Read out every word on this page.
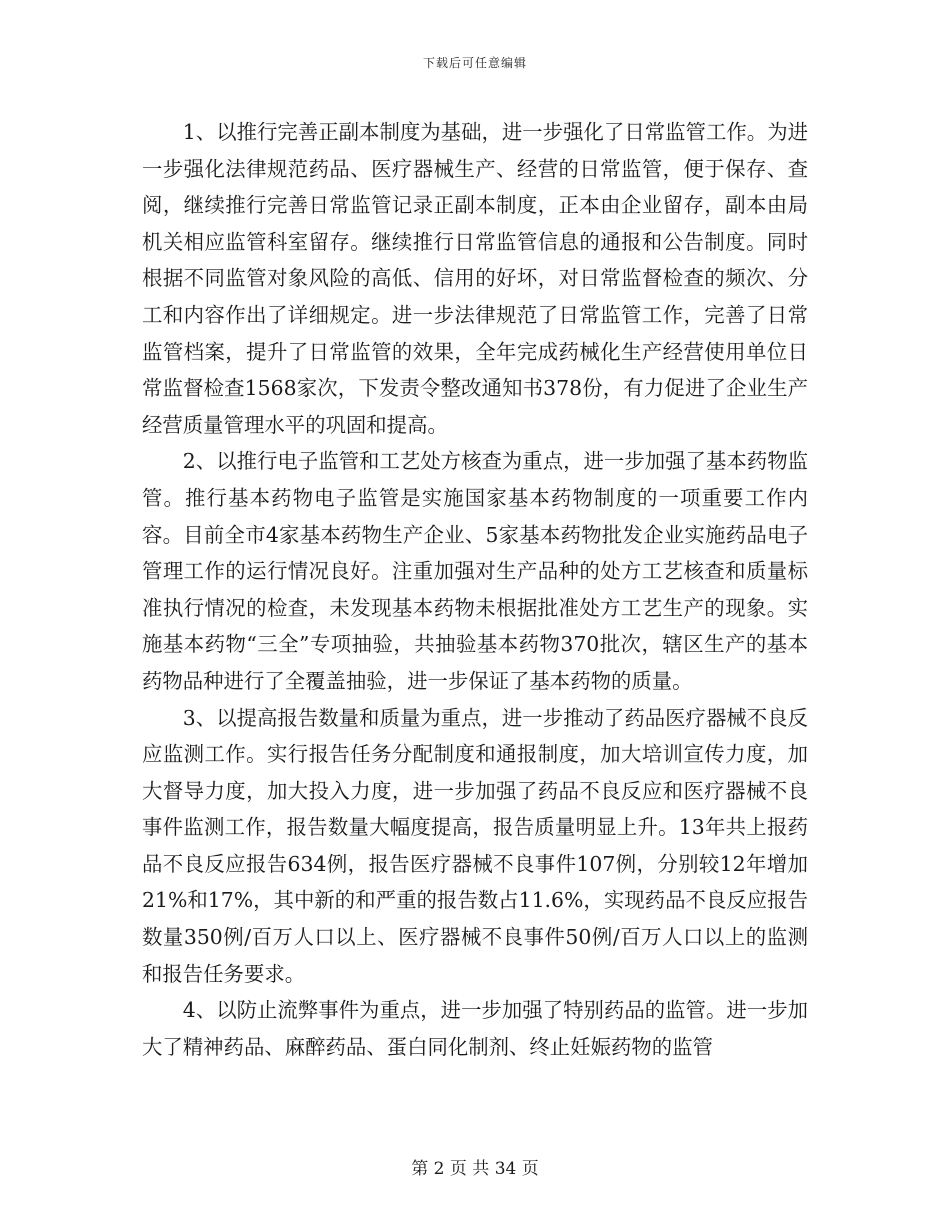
下载后可任意编辑

1、以推行完善正副本制度为基础，进一步强化了日常监管工作。为进一步强化法律规范药品、医疗器械生产、经营的日常监管，便于保存、查阅，继续推行完善日常监管记录正副本制度，正本由企业留存，副本由局机关相应监管科室留存。继续推行日常监管信息的通报和公告制度。同时根据不同监管对象风险的高低、信用的好坏，对日常监督检查的频次、分工和内容作出了详细规定。进一步法律规范了日常监管工作，完善了日常监管档案，提升了日常监管的效果，全年完成药械化生产经营使用单位日常监督检查1568家次，下发责令整改通知书378份，有力促进了企业生产经营质量管理水平的巩固和提高。

2、以推行电子监管和工艺处方核查为重点，进一步加强了基本药物监管。推行基本药物电子监管是实施国家基本药物制度的一项重要工作内容。目前全市4家基本药物生产企业、5家基本药物批发企业实施药品电子管理工作的运行情况良好。注重加强对生产品种的处方工艺核查和质量标准执行情况的检查，未发现基本药物未根据批准处方工艺生产的现象。实施基本药物“三全”专项抽验，共抽验基本药物370批次，辖区生产的基本药物品种进行了全覆盖抽验，进一步保证了基本药物的质量。

3、以提高报告数量和质量为重点，进一步推动了药品医疗器械不良反应监测工作。实行报告任务分配制度和通报制度，加大培训宣传力度，加大督导力度，加大投入力度，进一步加强了药品不良反应和医疗器械不良事件监测工作，报告数量大幅度提高，报告质量明显上升。13年共上报药品不良反应报告634例，报告医疗器械不良事件107例，分别较12年增加21%和17%，其中新的和严重的报告数占11.6%，实现药品不良反应报告数量350例/百万人口以上、医疗器械不良事件50例/百万人口以上的监测和报告任务要求。

4、以防止流弊事件为重点，进一步加强了特别药品的监管。进一步加大了精神药品、麻醉药品、蛋白同化制剂、终止妊娠药物的监管

第 2 页 共 34 页
